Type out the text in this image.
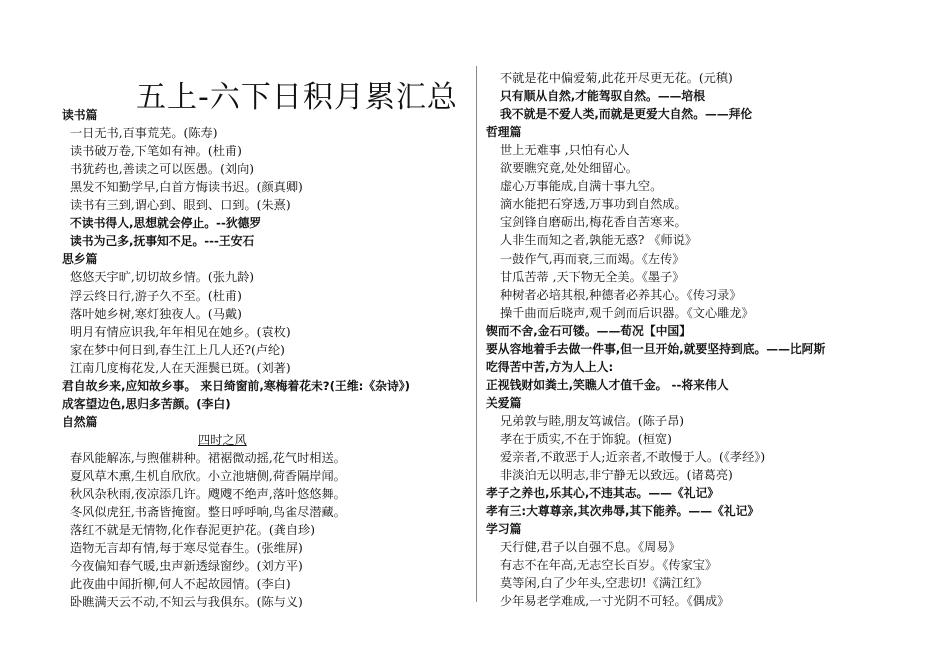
五上-六下日积月累汇总
读书篇
一日无书,百事荒芜。(陈寿)
读书破万卷,下笔如有神。(杜甫)
书犹药也,善读之可以医愚。(刘向)
黑发不知勤学早,白首方悔读书迟。(颜真卿)
读书有三到,谓心到、眼到、口到。(朱熹)
不读书得人,思想就会停止。--狄德罗
读书为己多,抚事知不足。---王安石
思乡篇
悠悠天宇旷,切切故乡情。(张九龄)
浮云终日行,游子久不至。(杜甫)
落叶她乡树,寒灯独夜人。(马戴)
明月有情应识我,年年相见在她乡。(袁枚)
家在梦中何日到,春生江上几人还?(卢纶)
江南几度梅花发,人在天涯鬓已斑。(刘著)
君自故乡来,应知故乡事。 来日绮窗前,寒梅着花未?(王维:《杂诗》)
成客望边色,思归多苦颜。(李白)
自然篇
四时之风
春风能解冻,与煦催耕种。裙裾微动摇,花气时相送。
夏风草木熏,生机自欣欣。小立池塘侧,荷香隔岸闻。
秋风杂秋雨,夜凉添几许。飕飕不绝声,落叶悠悠舞。
冬风似虎狂,书斋皆掩窗。整日呼呼响,鸟雀尽潜藏。
落红不就是无情物,化作春泥更护花。(龚自珍)
造物无言却有情,每于寒尽觉春生。(张维屏)
今夜偏知春气暖,虫声新透绿窗纱。(刘方平)
此夜曲中闻折柳,何人不起故园情。(李白)
卧瞧满天云不动,不知云与我俱东。(陈与义)
不就是花中偏爱菊,此花开尽更无花。(元稹)
只有顺从自然,才能驾驭自然。——培根
我不就是不爱人类,而就是更爱大自然。——拜伦
哲理篇
世上无难事 ,只怕有心人
欲要瞧究竟,处处细留心。
虚心万事能成,自满十事九空。
滴水能把石穿透,万事功到自然成。
宝剑锋自磨砺出,梅花香自苦寒来。
人非生而知之者,孰能无惑? 《师说》
一鼓作气,再而衰,三而竭。《左传》
甘瓜苦蒂 ,天下物无全美。《墨子》
种树者必培其根,种德者必养其心。《传习录》
操千曲而后晓声,观千剑而后识器。《文心雕龙》
锲而不舍,金石可镂。——荀况【中国】
要从容地着手去做一件事,但一旦开始,就要坚持到底。——比阿斯
吃得苦中苦,方为人上人:
正视钱财如粪土,笑瞧人才值千金。 --将来伟人
关爱篇
兄弟敦与睦,朋友笃诚信。(陈子昂)
孝在于质实,不在于饰貌。(桓宽)
爱亲者,不敢恶于人;近亲者,不敢慢于人。(《孝经》)
非淡泊无以明志,非宁静无以致远。(诸葛亮)
孝子之养也,乐其心,不违其志。——《礼记》
孝有三:大尊尊亲,其次弗辱,其下能养。——《礼记》
学习篇
天行健,君子以自强不息。《周易》
有志不在年高,无志空长百岁。《传家宝》
莫等闲,白了少年头,空悲切!《满江红》
少年易老学难成,一寸光阴不可轻。《偶成》
